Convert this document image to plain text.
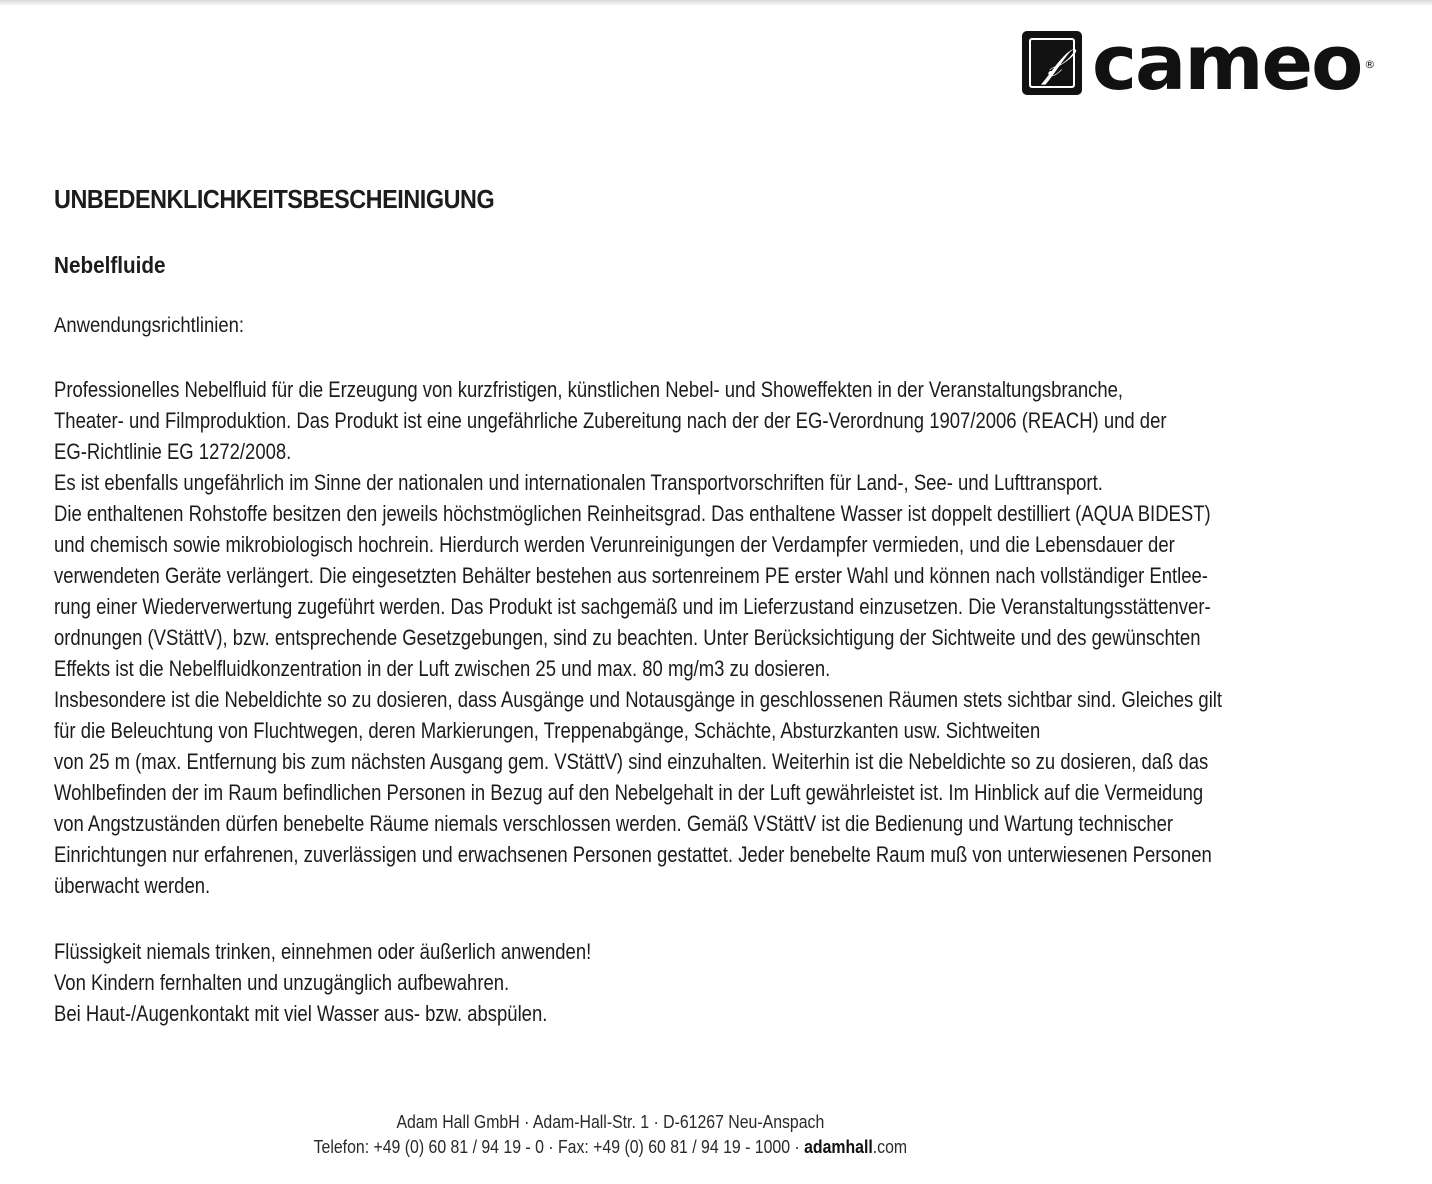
𝒻 cameo ®
UNBEDENKLICHKEITSBESCHEINIGUNG
Nebelfluide
Anwendungsrichtlinien:
Professionelles Nebelfluid für die Erzeugung von kurzfristigen, künstlichen Nebel- und Showeffekten in der Veranstaltungsbranche,
Theater- und Filmproduktion. Das Produkt ist eine ungefährliche Zubereitung nach der der EG-Verordnung 1907/2006 (REACH) und der
EG-Richtlinie EG 1272/2008.
Es ist ebenfalls ungefährlich im Sinne der nationalen und internationalen Transportvorschriften für Land-, See- und Lufttransport.
Die enthaltenen Rohstoffe besitzen den jeweils höchstmöglichen Reinheitsgrad. Das enthaltene Wasser ist doppelt destilliert (AQUA BIDEST)
und chemisch sowie mikrobiologisch hochrein. Hierdurch werden Verunreinigungen der Verdampfer vermieden, und die Lebensdauer der
verwendeten Geräte verlängert. Die eingesetzten Behälter bestehen aus sortenreinem PE erster Wahl und können nach vollständiger Entlee-
rung einer Wiederverwertung zugeführt werden. Das Produkt ist sachgemäß und im Lieferzustand einzusetzen. Die Veranstaltungsstättenver-
ordnungen (VStättV), bzw. entsprechende Gesetzgebungen, sind zu beachten. Unter Berücksichtigung der Sichtweite und des gewünschten
Effekts ist die Nebelfluidkonzentration in der Luft zwischen 25 und max. 80 mg/m3 zu dosieren.
Insbesondere ist die Nebeldichte so zu dosieren, dass Ausgänge und Notausgänge in geschlossenen Räumen stets sichtbar sind. Gleiches gilt
für die Beleuchtung von Fluchtwegen, deren Markierungen, Treppenabgänge, Schächte, Absturzkanten usw. Sichtweiten
von 25 m (max. Entfernung bis zum nächsten Ausgang gem. VStättV) sind einzuhalten. Weiterhin ist die Nebeldichte so zu dosieren, daß das
Wohlbefinden der im Raum befindlichen Personen in Bezug auf den Nebelgehalt in der Luft gewährleistet ist. Im Hinblick auf die Vermeidung
von Angstzuständen dürfen benebelte Räume niemals verschlossen werden. Gemäß VStättV ist die Bedienung und Wartung technischer
Einrichtungen nur erfahrenen, zuverlässigen und erwachsenen Personen gestattet. Jeder benebelte Raum muß von unterwiesenen Personen
überwacht werden.
Flüssigkeit niemals trinken, einnehmen oder äußerlich anwenden!
Von Kindern fernhalten und unzugänglich aufbewahren.
Bei Haut-/Augenkontakt mit viel Wasser aus- bzw. abspülen.
Adam Hall GmbH · Adam-Hall-Str. 1 · D-61267 Neu-Anspach
Telefon: +49 (0) 60 81 / 94 19 - 0 · Fax: +49 (0) 60 81 / 94 19 - 1000 · adamhall.com
